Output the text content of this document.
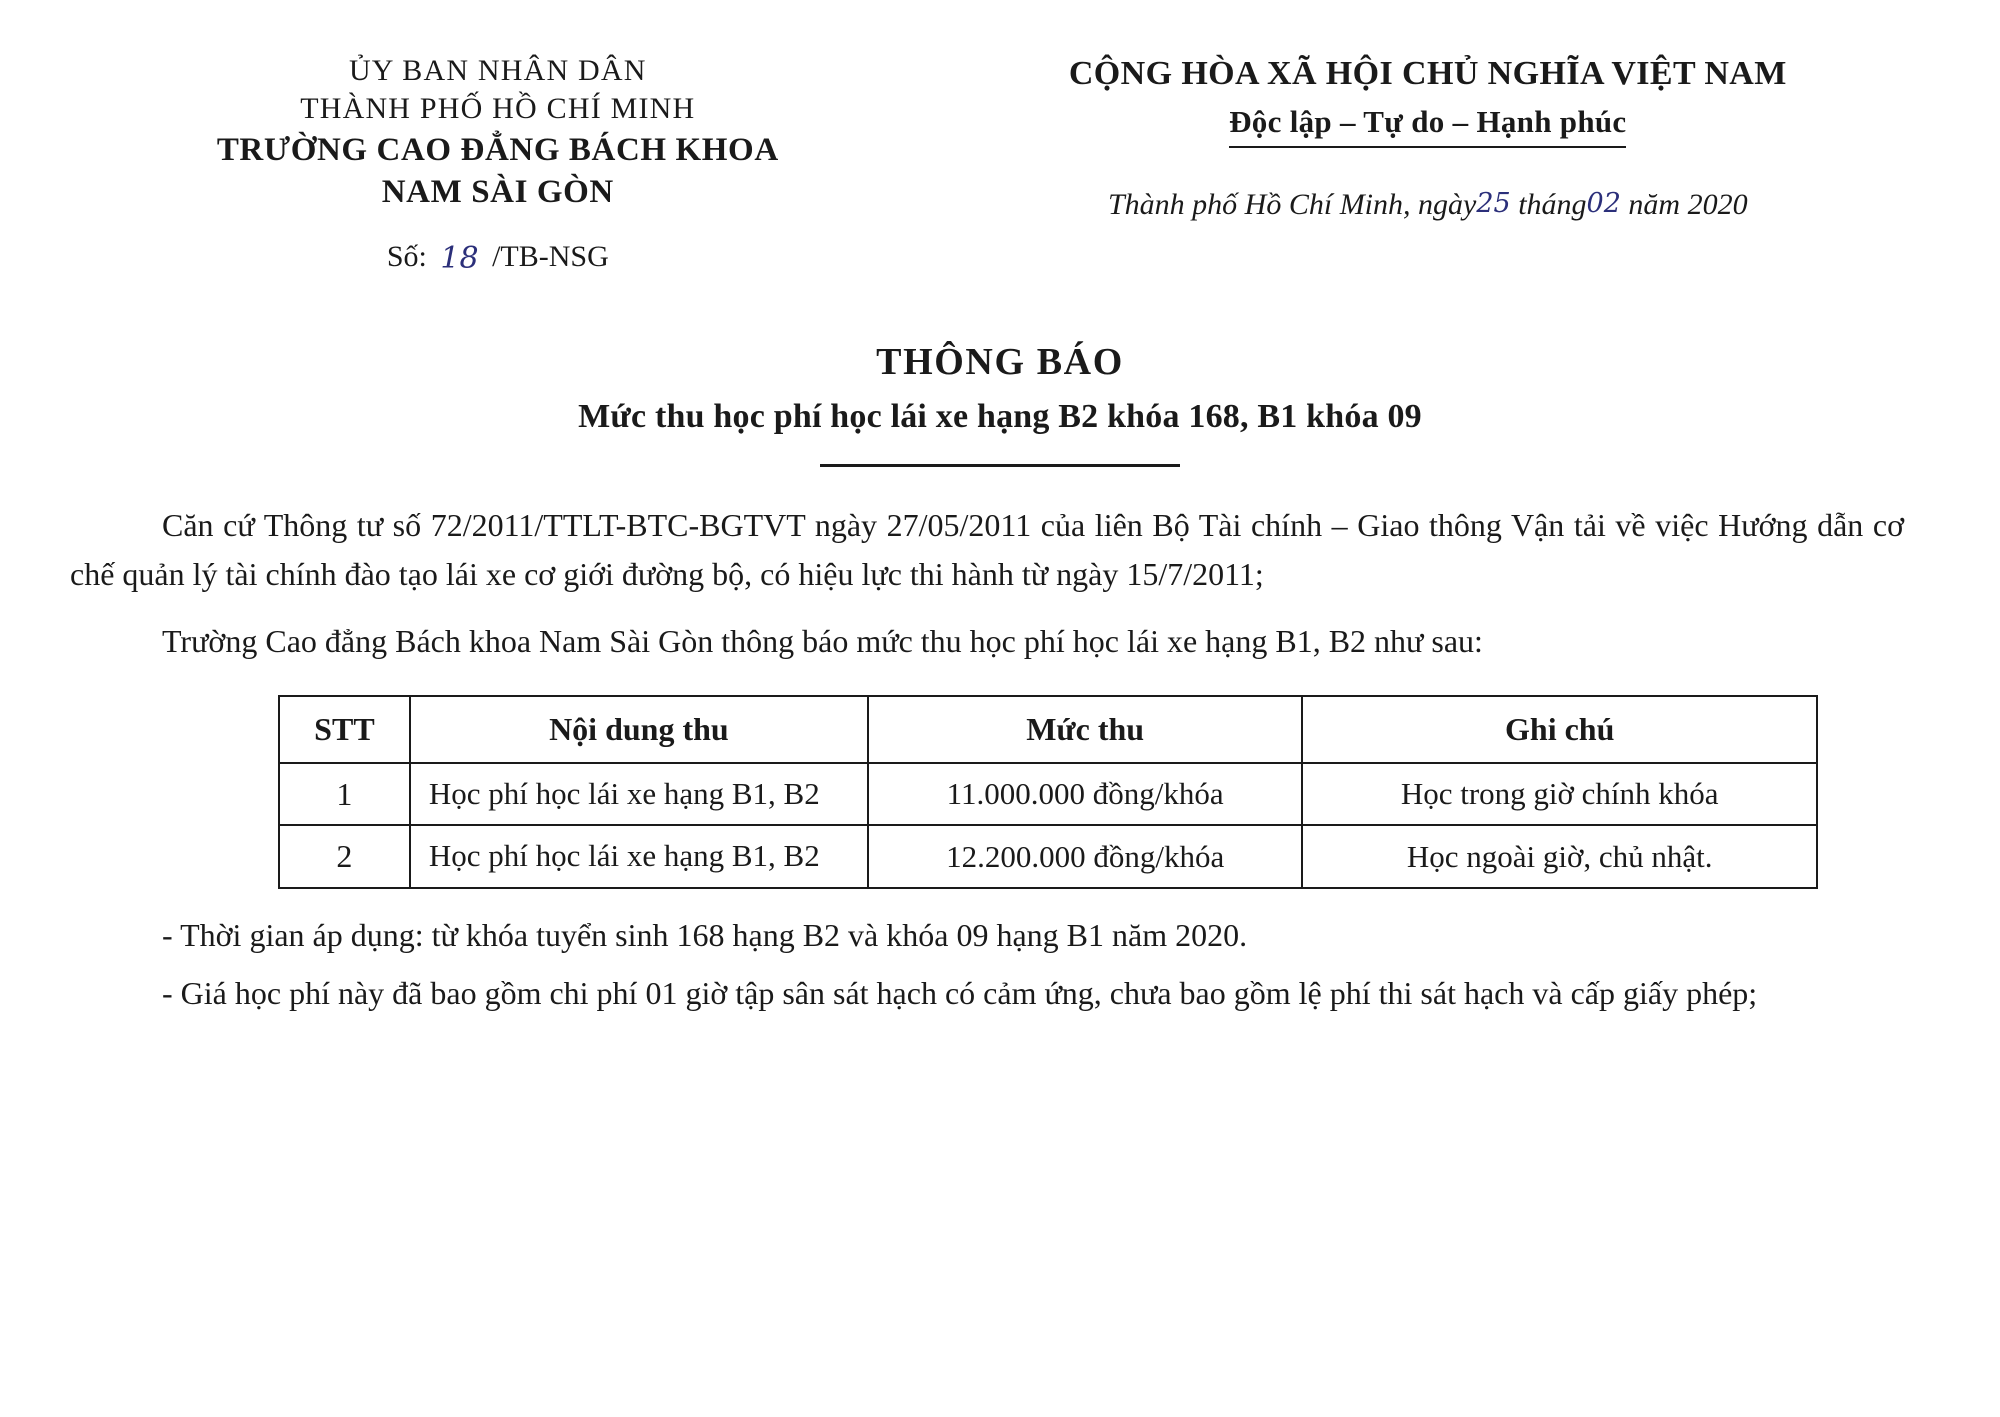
ỦY BAN NHÂN DÂN
THÀNH PHỐ HỒ CHÍ MINH
TRƯỜNG CAO ĐẲNG BÁCH KHOA
NAM SÀI GÒN
Số: 18 /TB-NSG
CỘNG HÒA XÃ HỘI CHỦ NGHĨA VIỆT NAM
Độc lập – Tự do – Hạnh phúc
Thành phố Hồ Chí Minh, ngày25 tháng02 năm 2020
THÔNG BÁO
Mức thu học phí học lái xe hạng B2 khóa 168, B1 khóa 09

Căn cứ Thông tư số 72/2011/TTLT-BTC-BGTVT ngày 27/05/2011 của liên Bộ Tài chính – Giao thông Vận tải về việc Hướng dẫn cơ chế quản lý tài chính đào tạo lái xe cơ giới đường bộ, có hiệu lực thi hành từ ngày 15/7/2011;

Trường Cao đẳng Bách khoa Nam Sài Gòn thông báo mức thu học phí học lái xe hạng B1, B2 như sau:

STT	Nội dung thu	Mức thu	Ghi chú
1	Học phí học lái xe hạng B1, B2	11.000.000 đồng/khóa	Học trong giờ chính khóa
2	Học phí học lái xe hạng B1, B2	12.200.000 đồng/khóa	Học ngoài giờ, chủ nhật.

- Thời gian áp dụng: từ khóa tuyển sinh 168 hạng B2 và khóa 09 hạng B1 năm 2020.

- Giá học phí này đã bao gồm chi phí 01 giờ tập sân sát hạch có cảm ứng, chưa bao gồm lệ phí thi sát hạch và cấp giấy phép;
